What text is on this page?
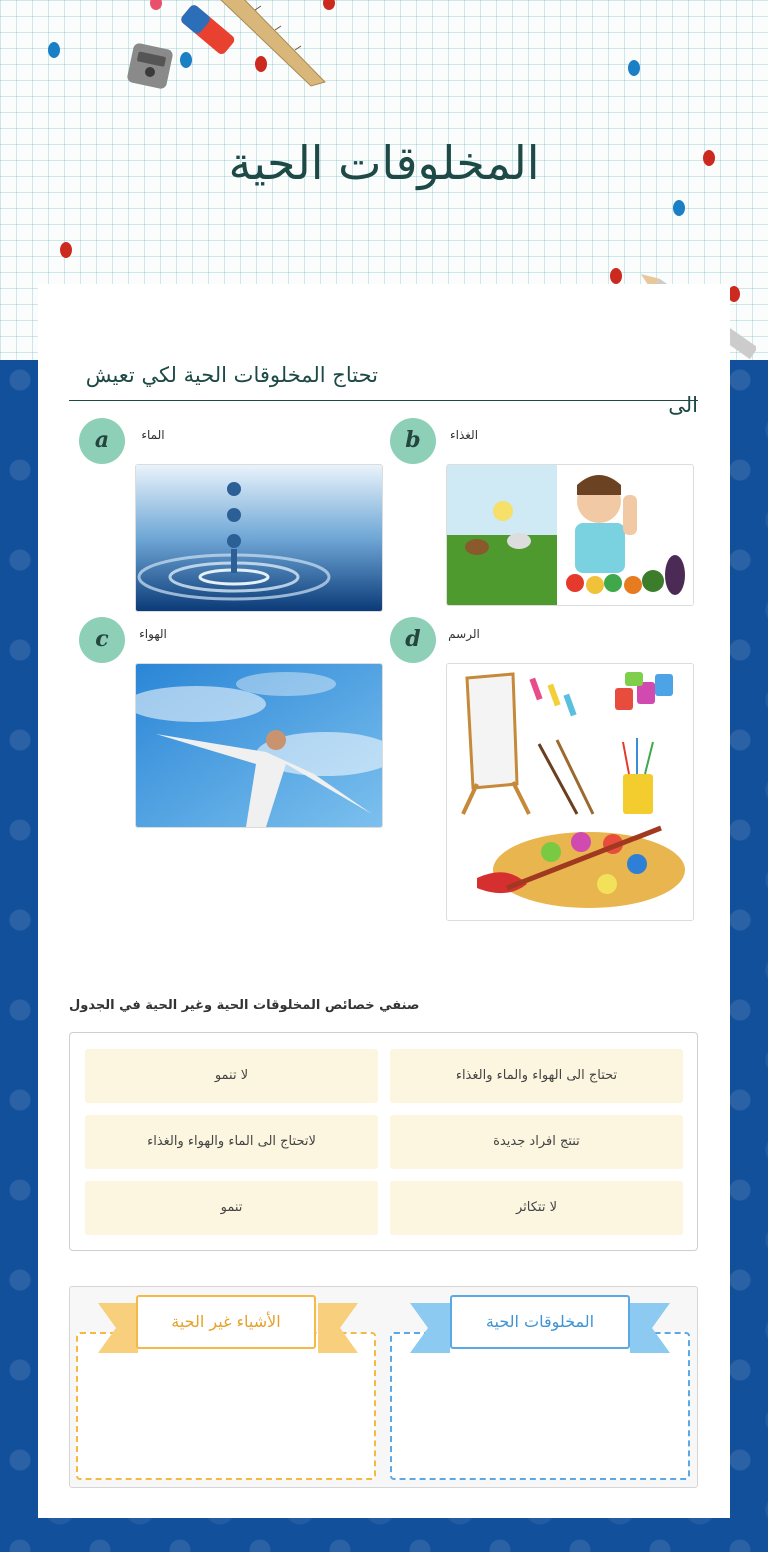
المخلوقات الحية
تحتاج المخلوقات الحية لكي تعيش الى
a	الماء	b	الغذاء
c	الهواء	d	الرسم
صنفي خصائص المخلوقات الحية وغير الحية في الجدول
تحتاج الى الهواء والماء والغذاء
لا تنمو
تنتج افراد جديدة
لاتحتاج الى الماء والهواء والغذاء
لا تتكاثر
تنمو
المخلوقات الحية
الأشياء غير الحية
